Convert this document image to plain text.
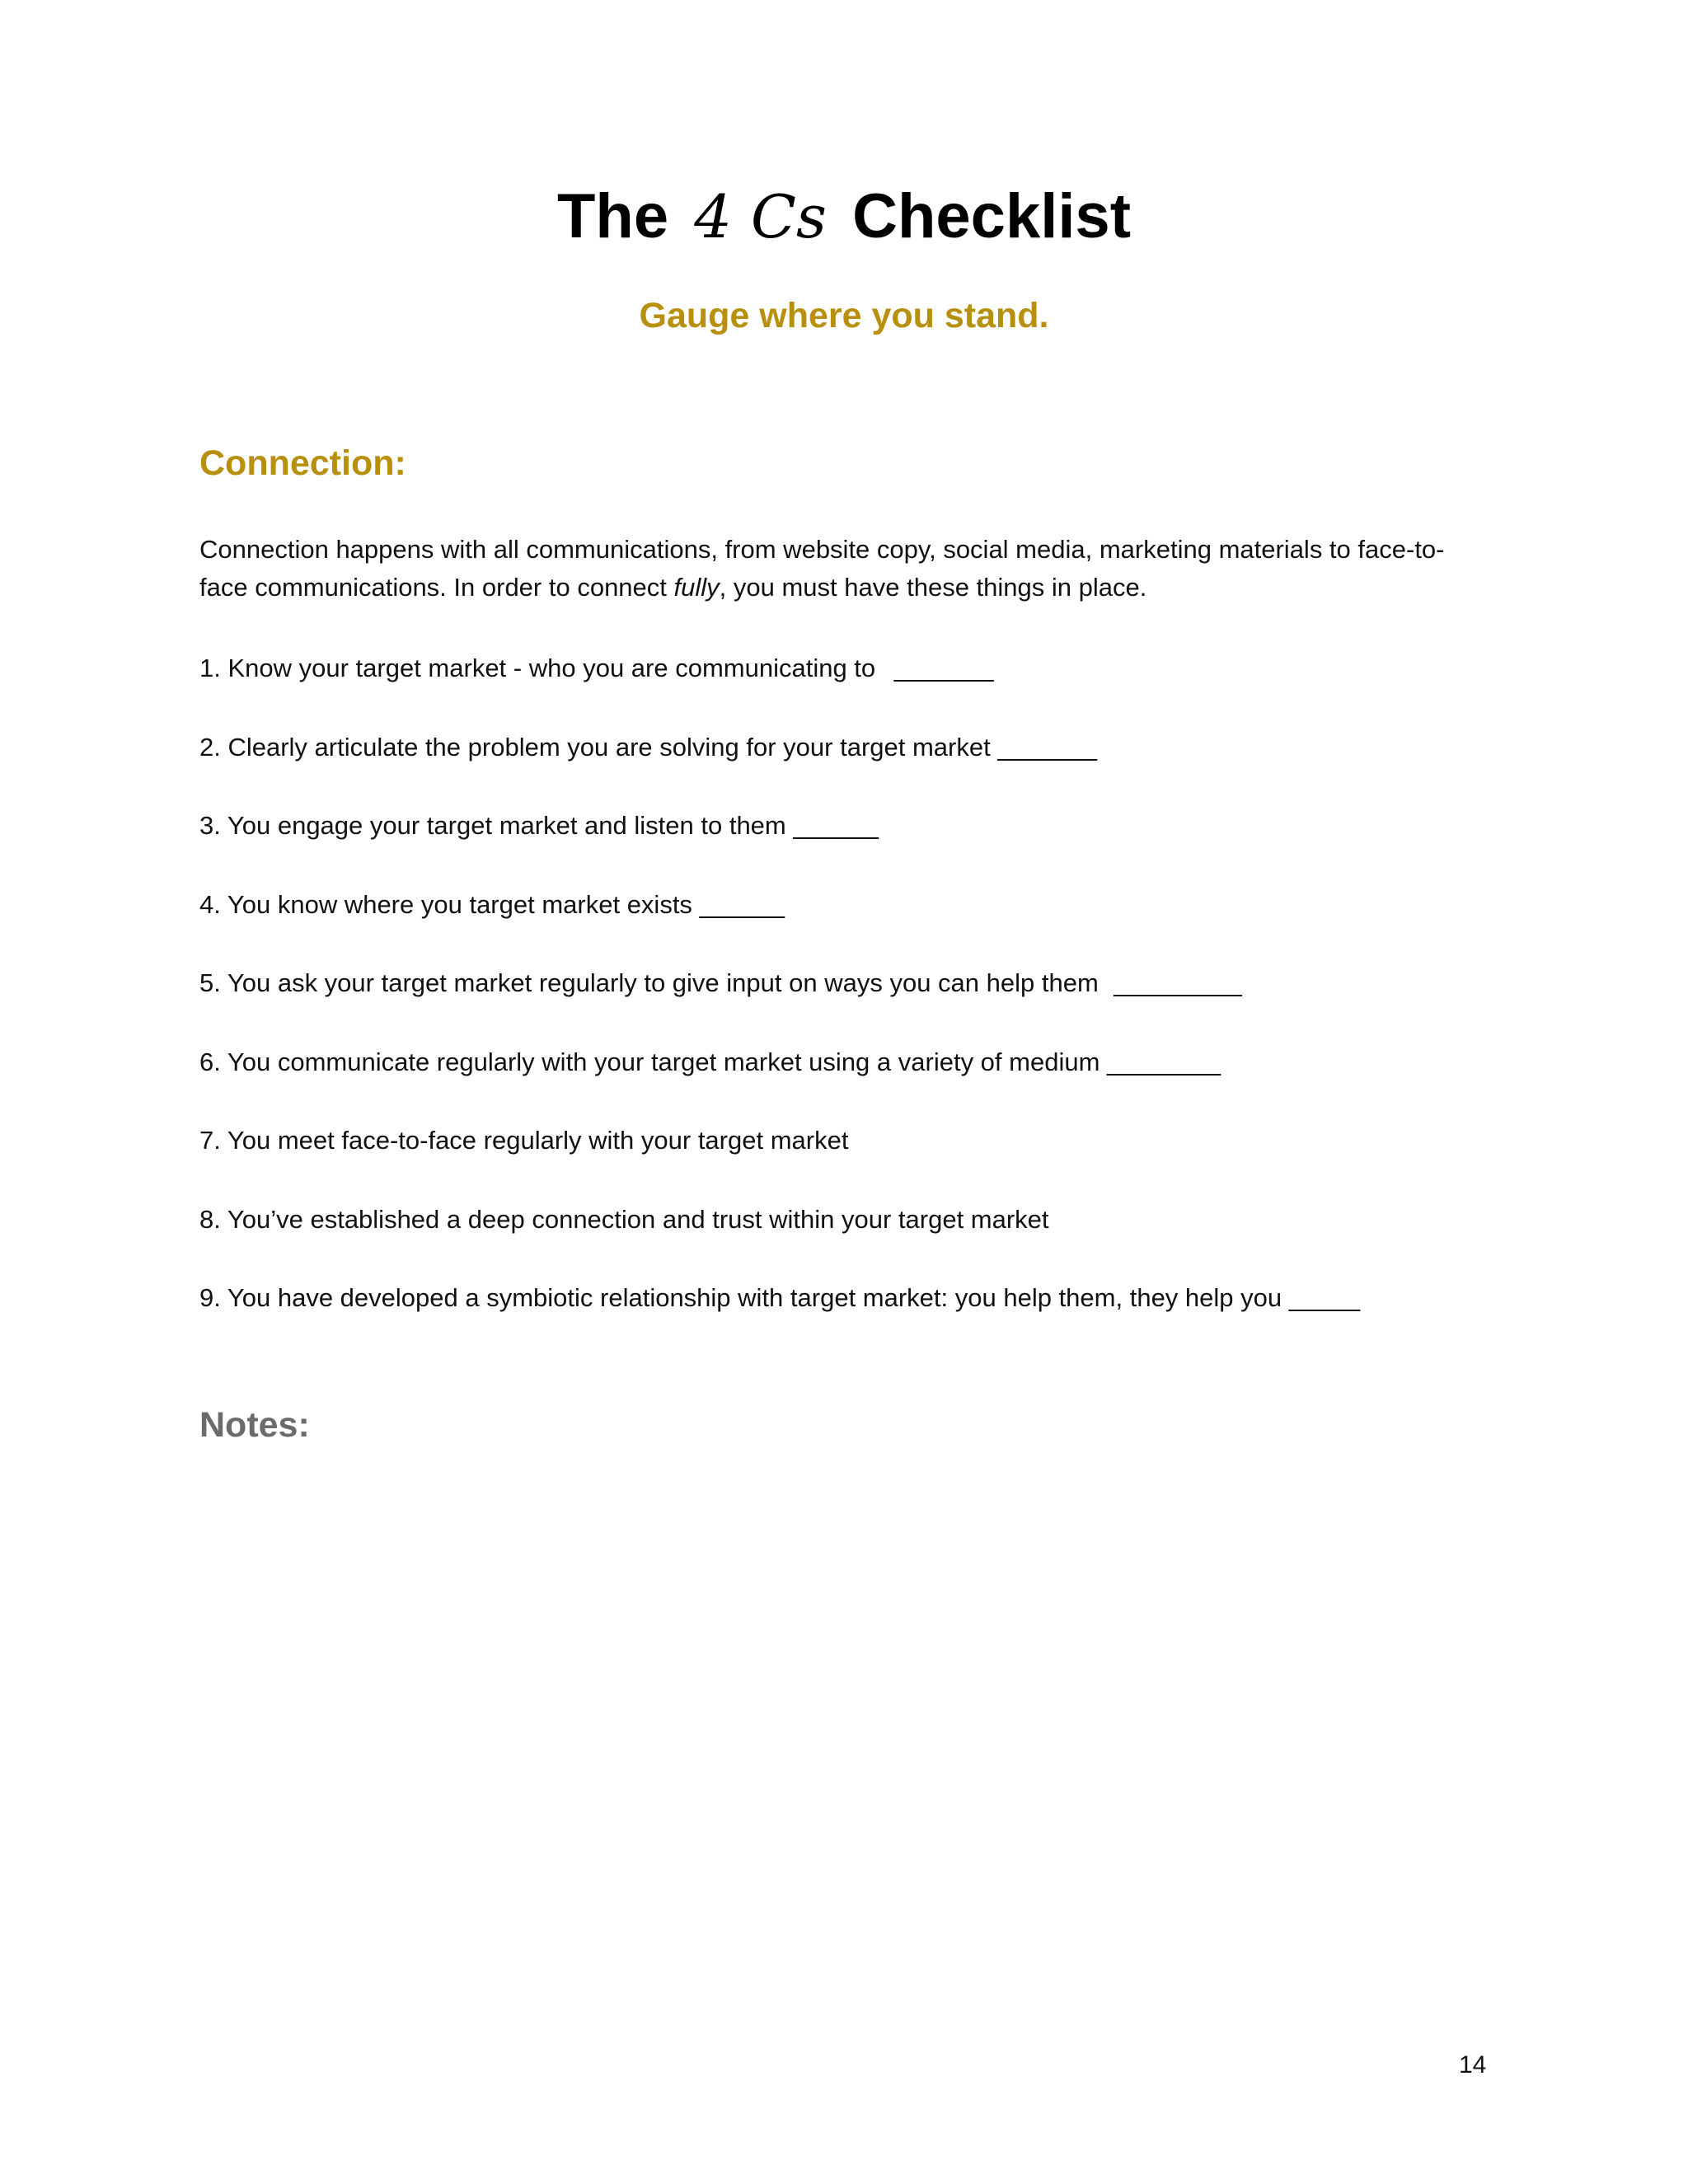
The 4 Cs Checklist
Gauge where you stand.
Connection:
Connection happens with all communications, from website copy, social media, marketing materials to face-to-face communications. In order to connect fully, you must have these things in place.
1. Know your target market - who you are communicating to _______
2. Clearly articulate the problem you are solving for your target market _______
3. You engage your target market and listen to them ______
4. You know where you target market exists ______
5. You ask your target market regularly to give input on ways you can help them _________
6. You communicate regularly with your target market using a variety of medium ________
7. You meet face-to-face regularly with your target market
8. You’ve established a deep connection and trust within your target market
9. You have developed a symbiotic relationship with target market: you help them, they help you _____
Notes:
14
